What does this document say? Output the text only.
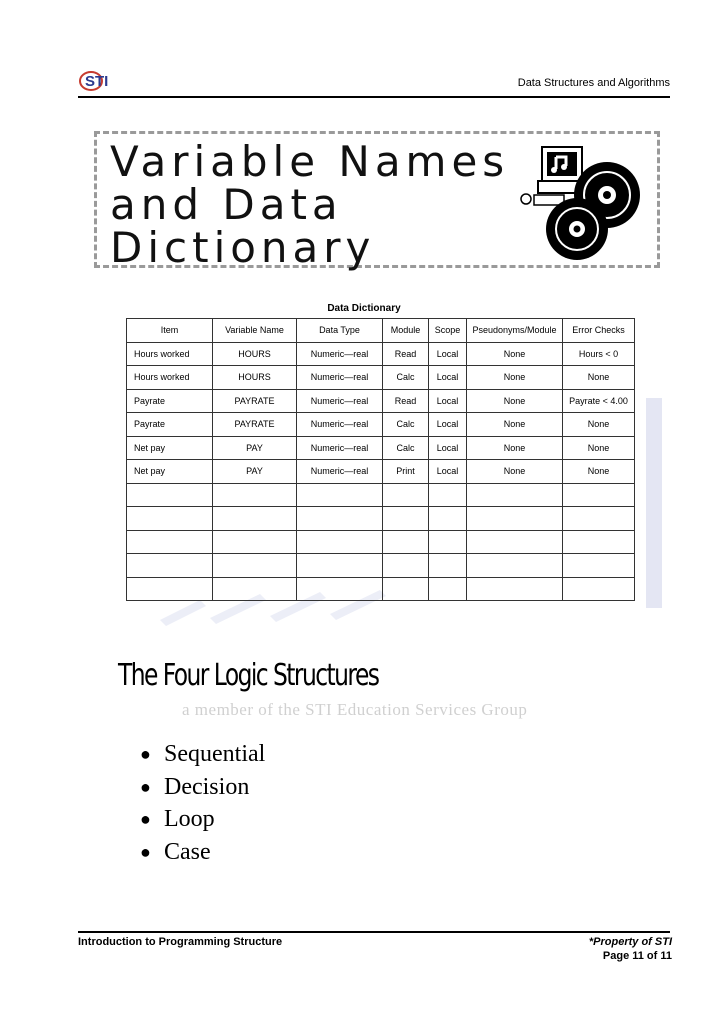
STI	Data Structures and Algorithms
Variable Names
and Data
Dictionary
a member of the STI Education Services Group
Data Dictionary
Item	Variable Name	Data Type	Module	Scope	Pseudonyms/Module	Error Checks
Hours worked	HOURS	Numeric—real	Read	Local	None	Hours < 0
Hours worked	HOURS	Numeric—real	Calc	Local	None	None
Payrate	PAYRATE	Numeric—real	Read	Local	None	Payrate < 4.00
Payrate	PAYRATE	Numeric—real	Calc	Local	None	None
Net pay	PAY	Numeric—real	Calc	Local	None	None
Net pay	PAY	Numeric—real	Print	Local	None	None

The Four Logic Structures
● Sequential
● Decision
● Loop
● Case
Introduction to Programming Structure	*Property of STI
Page 11 of 11
